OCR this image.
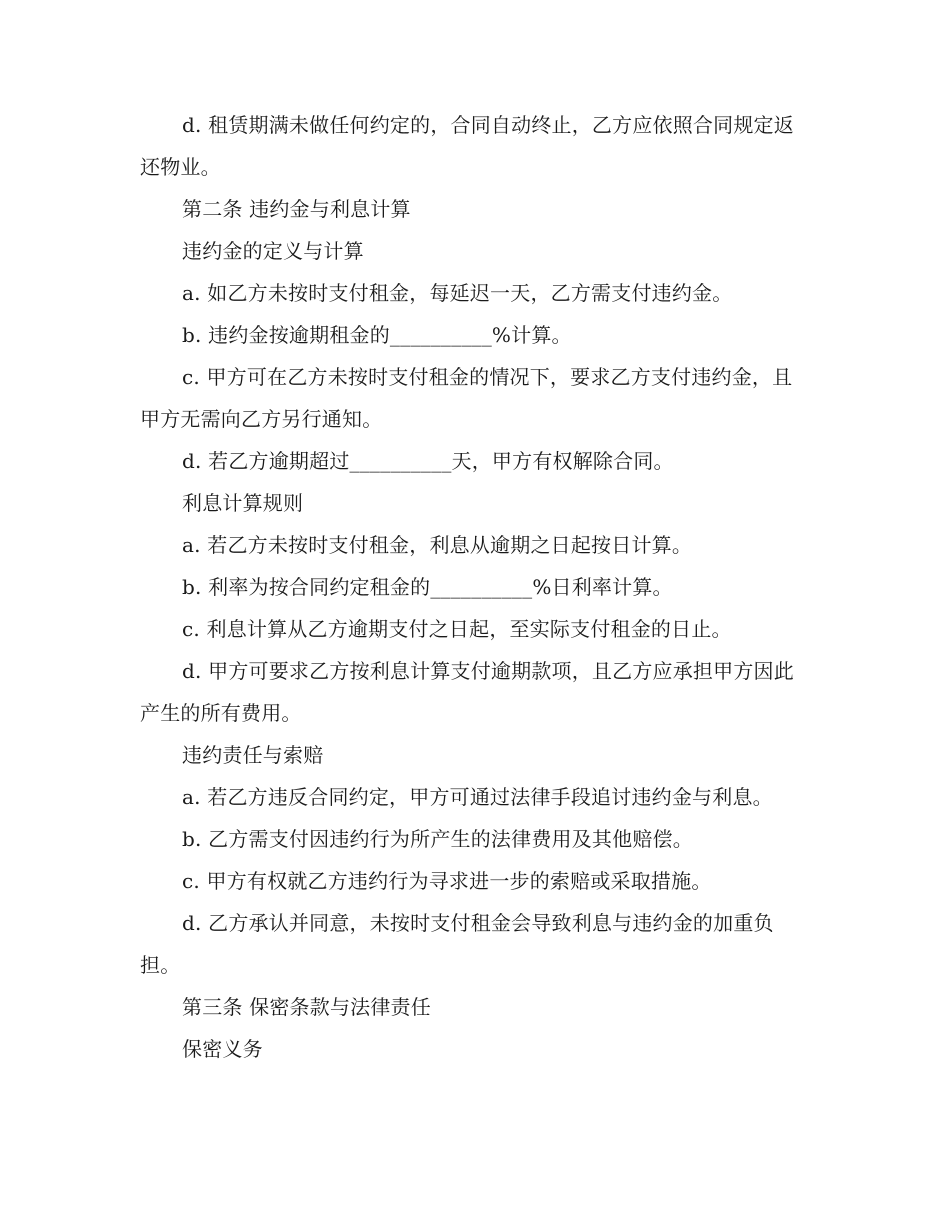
d. 租赁期满未做任何约定的，合同自动终止，乙方应依照合同规定返还物业。

第二条 违约金与利息计算

违约金的定义与计算

a. 如乙方未按时支付租金，每延迟一天，乙方需支付违约金。

b. 违约金按逾期租金的__________%计算。

c. 甲方可在乙方未按时支付租金的情况下，要求乙方支付违约金，且甲方无需向乙方另行通知。

d. 若乙方逾期超过__________天，甲方有权解除合同。

利息计算规则

a. 若乙方未按时支付租金，利息从逾期之日起按日计算。

b. 利率为按合同约定租金的__________%日利率计算。

c. 利息计算从乙方逾期支付之日起，至实际支付租金的日止。

d. 甲方可要求乙方按利息计算支付逾期款项，且乙方应承担甲方因此产生的所有费用。

违约责任与索赔

a. 若乙方违反合同约定，甲方可通过法律手段追讨违约金与利息。

b. 乙方需支付因违约行为所产生的法律费用及其他赔偿。

c. 甲方有权就乙方违约行为寻求进一步的索赔或采取措施。

d. 乙方承认并同意，未按时支付租金会导致利息与违约金的加重负担。

第三条 保密条款与法律责任

保密义务
